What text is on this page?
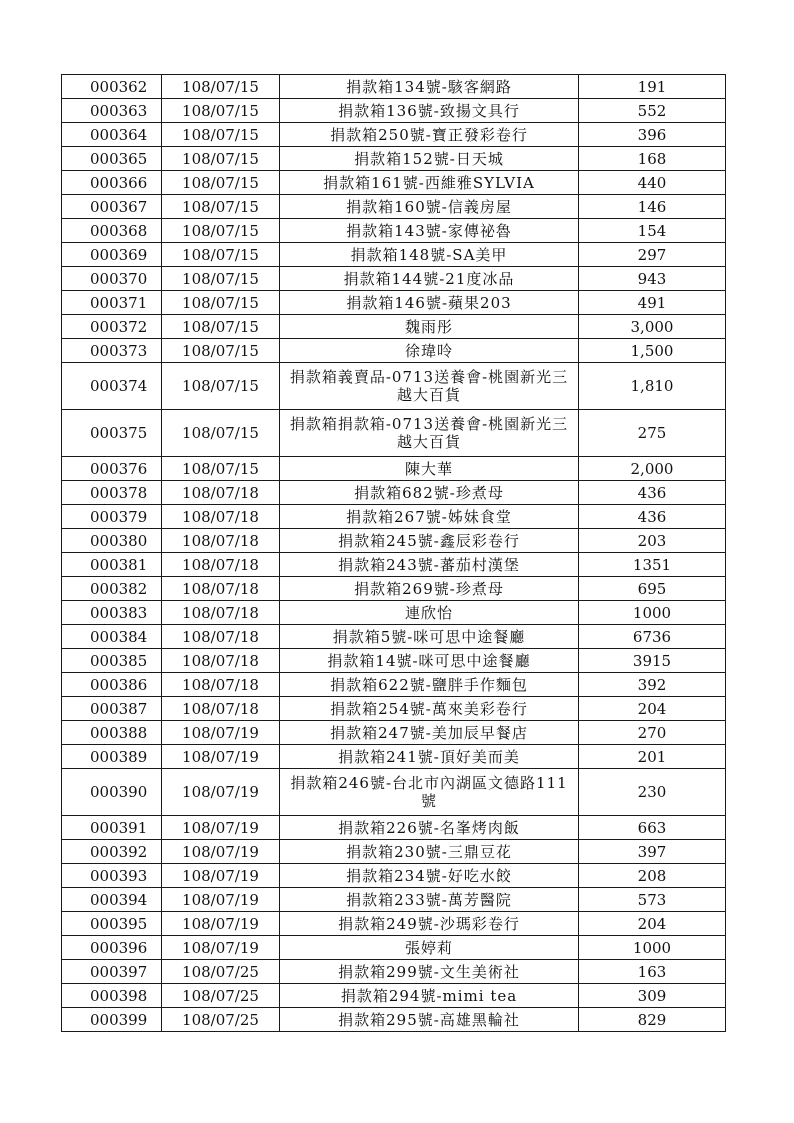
000362	108/07/15	捐款箱134號-駭客網路	191
000363	108/07/15	捐款箱136號-致揚文具行	552
000364	108/07/15	捐款箱250號-寶正發彩卷行	396
000365	108/07/15	捐款箱152號-日天城	168
000366	108/07/15	捐款箱161號-西維雅SYLVIA	440
000367	108/07/15	捐款箱160號-信義房屋	146
000368	108/07/15	捐款箱143號-家傳祕魯	154
000369	108/07/15	捐款箱148號-SA美甲	297
000370	108/07/15	捐款箱144號-21度冰品	943
000371	108/07/15	捐款箱146號-蘋果203	491
000372	108/07/15	魏雨彤	3,000
000373	108/07/15	徐瑋呤	1,500
000374	108/07/15	捐款箱義賣品-0713送養會-桃園新光三越大百貨	1,810
000375	108/07/15	捐款箱捐款箱-0713送養會-桃園新光三越大百貨	275
000376	108/07/15	陳大華	2,000
000378	108/07/18	捐款箱682號-珍煮母	436
000379	108/07/18	捐款箱267號-姊妹食堂	436
000380	108/07/18	捐款箱245號-鑫辰彩卷行	203
000381	108/07/18	捐款箱243號-蕃茄村漢堡	1351
000382	108/07/18	捐款箱269號-珍煮母	695
000383	108/07/18	連欣怡	1000
000384	108/07/18	捐款箱5號-咪可思中途餐廳	6736
000385	108/07/18	捐款箱14號-咪可思中途餐廳	3915
000386	108/07/18	捐款箱622號-鹽胖手作麵包	392
000387	108/07/18	捐款箱254號-萬來美彩卷行	204
000388	108/07/19	捐款箱247號-美加辰早餐店	270
000389	108/07/19	捐款箱241號-頂好美而美	201
000390	108/07/19	捐款箱246號-台北市內湖區文德路111號	230
000391	108/07/19	捐款箱226號-名峯烤肉飯	663
000392	108/07/19	捐款箱230號-三鼎豆花	397
000393	108/07/19	捐款箱234號-好吃水餃	208
000394	108/07/19	捐款箱233號-萬芳醫院	573
000395	108/07/19	捐款箱249號-沙瑪彩卷行	204
000396	108/07/19	張婷莉	1000
000397	108/07/25	捐款箱299號-文生美術社	163
000398	108/07/25	捐款箱294號-mimi tea	309
000399	108/07/25	捐款箱295號-高雄黑輪社	829
